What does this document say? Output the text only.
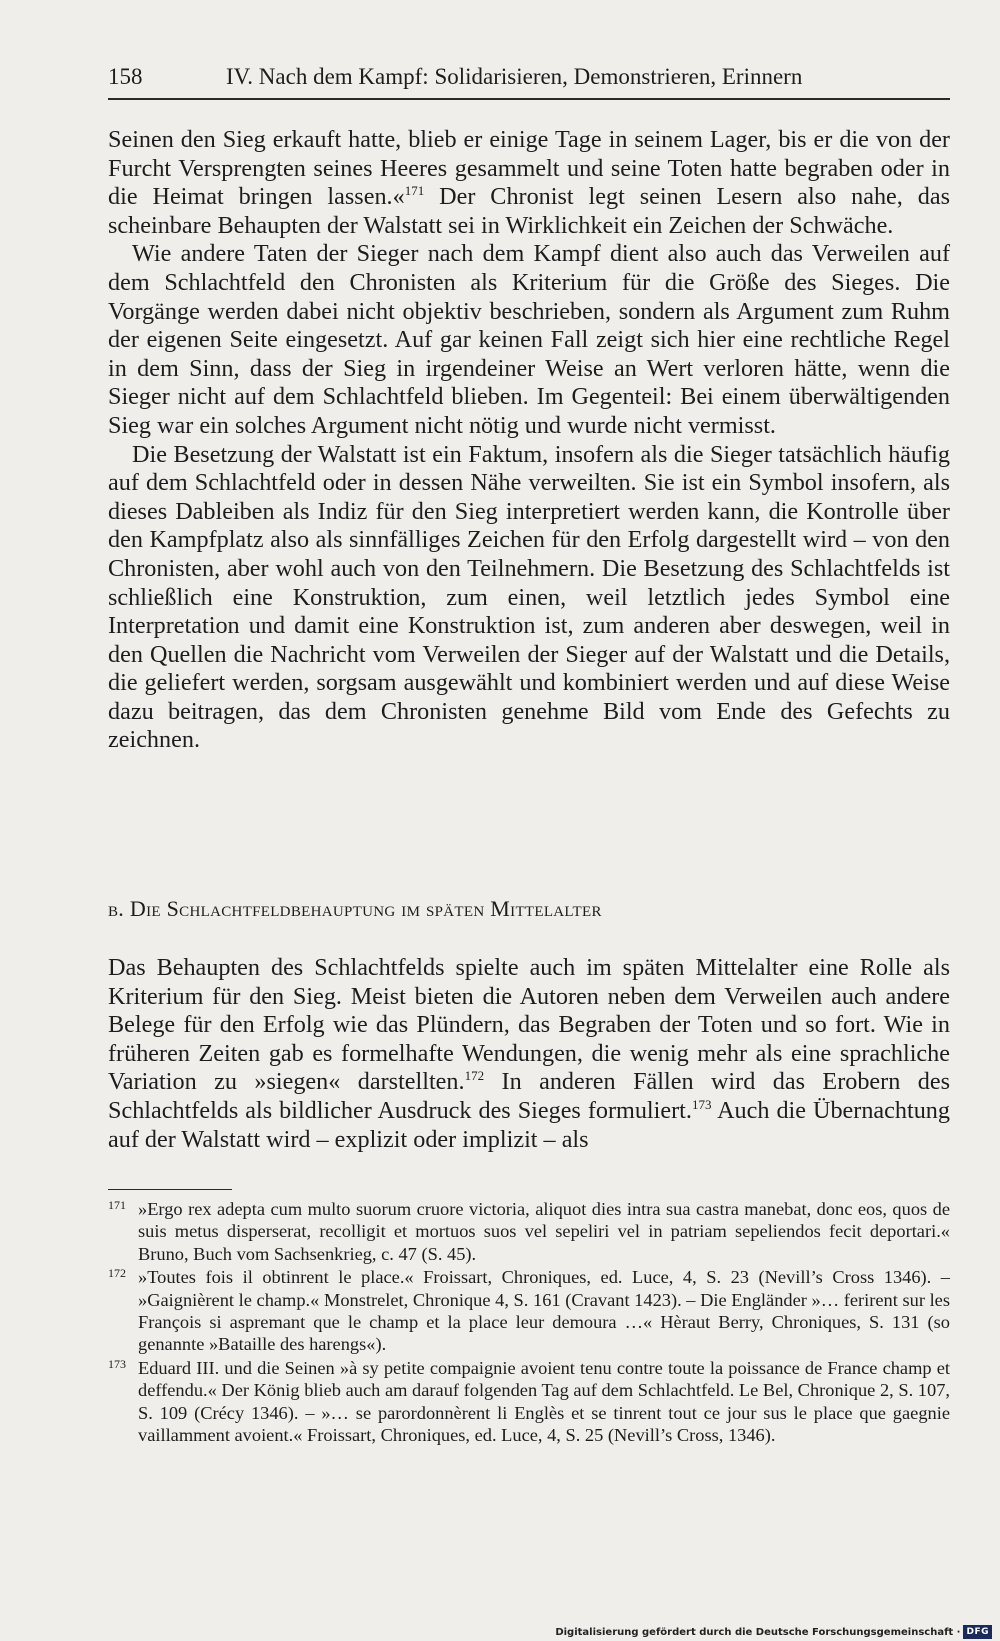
158	IV. Nach dem Kampf: Solidarisieren, Demonstrieren, Erinnern

Seinen den Sieg erkauft hatte, blieb er einige Tage in seinem Lager, bis er die von der Furcht Versprengten seines Heeres gesammelt und seine Toten hatte begraben oder in die Heimat bringen lassen.«$^{171}$ Der Chronist legt seinen Lesern also nahe, das scheinbare Behaupten der Walstatt sei in Wirklichkeit ein Zeichen der Schwäche.

Wie andere Taten der Sieger nach dem Kampf dient also auch das Verweilen auf dem Schlachtfeld den Chronisten als Kriterium für die Größe des Sieges. Die Vorgänge werden dabei nicht objektiv beschrieben, sondern als Argument zum Ruhm der eigenen Seite eingesetzt. Auf gar keinen Fall zeigt sich hier eine rechtliche Regel in dem Sinn, dass der Sieg in irgendeiner Weise an Wert verloren hätte, wenn die Sieger nicht auf dem Schlachtfeld blieben. Im Gegenteil: Bei einem überwältigenden Sieg war ein solches Argument nicht nötig und wurde nicht vermisst.

Die Besetzung der Walstatt ist ein Faktum, insofern als die Sieger tatsächlich häufig auf dem Schlachtfeld oder in dessen Nähe verweilten. Sie ist ein Symbol insofern, als dieses Dableiben als Indiz für den Sieg interpretiert werden kann, die Kontrolle über den Kampfplatz also als sinnfälliges Zeichen für den Erfolg dargestellt wird – von den Chronisten, aber wohl auch von den Teilnehmern. Die Besetzung des Schlachtfelds ist schließlich eine Konstruktion, zum einen, weil letztlich jedes Symbol eine Interpretation und damit eine Konstruktion ist, zum anderen aber deswegen, weil in den Quellen die Nachricht vom Verweilen der Sieger auf der Walstatt und die Details, die geliefert werden, sorgsam ausgewählt und kombiniert werden und auf diese Weise dazu beitragen, das dem Chronisten genehme Bild vom Ende des Gefechts zu zeichnen.

b. Die Schlachtfeldbehauptung im späten Mittelalter

Das Behaupten des Schlachtfelds spielte auch im späten Mittelalter eine Rolle als Kriterium für den Sieg. Meist bieten die Autoren neben dem Verweilen auch andere Belege für den Erfolg wie das Plündern, das Begraben der Toten und so fort. Wie in früheren Zeiten gab es formelhafte Wendungen, die wenig mehr als eine sprachliche Variation zu »siegen« darstellten.$^{172}$ In anderen Fällen wird das Erobern des Schlachtfelds als bildlicher Ausdruck des Sieges formuliert.$^{173}$ Auch die Übernachtung auf der Walstatt wird – explizit oder implizit – als

171 »Ergo rex adepta cum multo suorum cruore victoria, aliquot dies intra sua castra manebat, donc eos, quos de suis metus disperserat, recolligit et mortuos suos vel sepeliri vel in patriam sepeliendos fecit deportari.« Bruno, Buch vom Sachsenkrieg, c. 47 (S. 45).
172 »Toutes fois il obtinrent le place.« Froissart, Chroniques, ed. Luce, 4, S. 23 (Nevill’s Cross 1346). – »Gaignièrent le champ.« Monstrelet, Chronique 4, S. 161 (Cravant 1423). – Die Engländer »… ferirent sur les François si aspremant que le champ et la place leur demoura …« Hèraut Berry, Chroniques, S. 131 (so genannte »Bataille des harengs«).
173 Eduard III. und die Seinen »à sy petite compaignie avoient tenu contre toute la poissance de France champ et deffendu.« Der König blieb auch am darauf folgenden Tag auf dem Schlachtfeld. Le Bel, Chronique 2, S. 107, S. 109 (Crécy 1346). – »… se parordonnèrent li Englès et se tinrent tout ce jour sus le place que gaegnie vaillamment avoient.« Froissart, Chroniques, ed. Luce, 4, S. 25 (Nevill’s Cross, 1346).
Digitalisierung gefördert durch die Deutsche Forschungsgemeinschaft · DFG
